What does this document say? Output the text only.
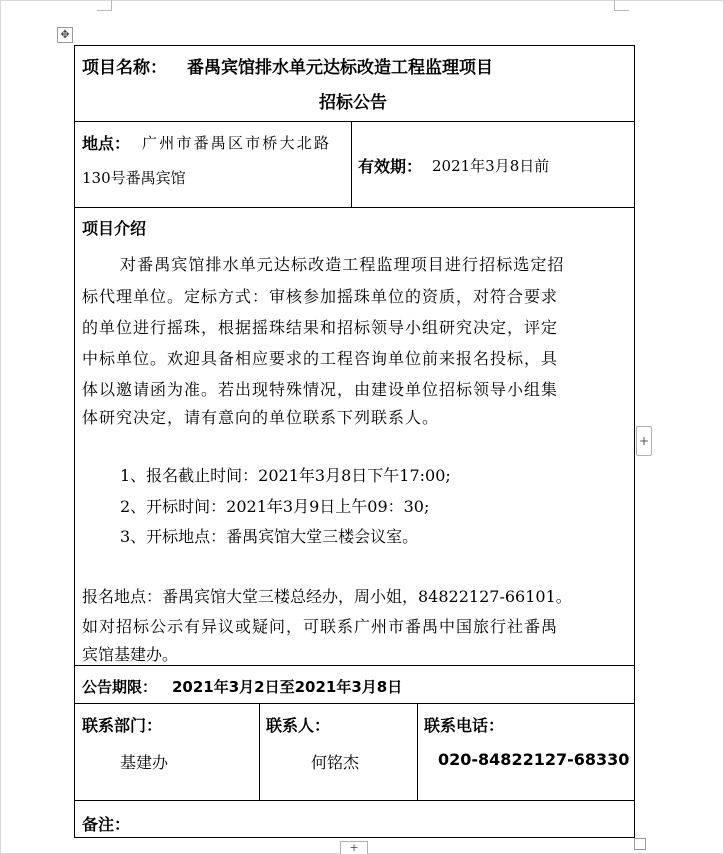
✥
+
+
项目名称： 番禺宾馆排水单元达标改造工程监理项目
招标公告
地点： 广州市番禺区市桥大北路
130号番禺宾馆
有效期： 2021年3月8日前
项目介绍
对番禺宾馆排水单元达标改造工程监理项目进行招标选定招
标代理单位。定标方式：审核参加摇珠单位的资质，对符合要求
的单位进行摇珠，根据摇珠结果和招标领导小组研究决定，评定
中标单位。欢迎具备相应要求的工程咨询单位前来报名投标，具
体以邀请函为准。若出现特殊情况，由建设单位招标领导小组集
体研究决定，请有意向的单位联系下列联系人。
1、报名截止时间：2021年3月8日下午17:00;
2、开标时间：2021年3月9日上午09：30;
3、开标地点：番禺宾馆大堂三楼会议室。
报名地点：番禺宾馆大堂三楼总经办，周小姐，84822127-66101。
如对招标公示有异议或疑问，可联系广州市番禺中国旅行社番禺
宾馆基建办。
公告期限： 2021年3月2日至2021年3月8日
联系部门：
基建办
联系人：
何铭杰
联系电话：
020-84822127-68330
备注：
